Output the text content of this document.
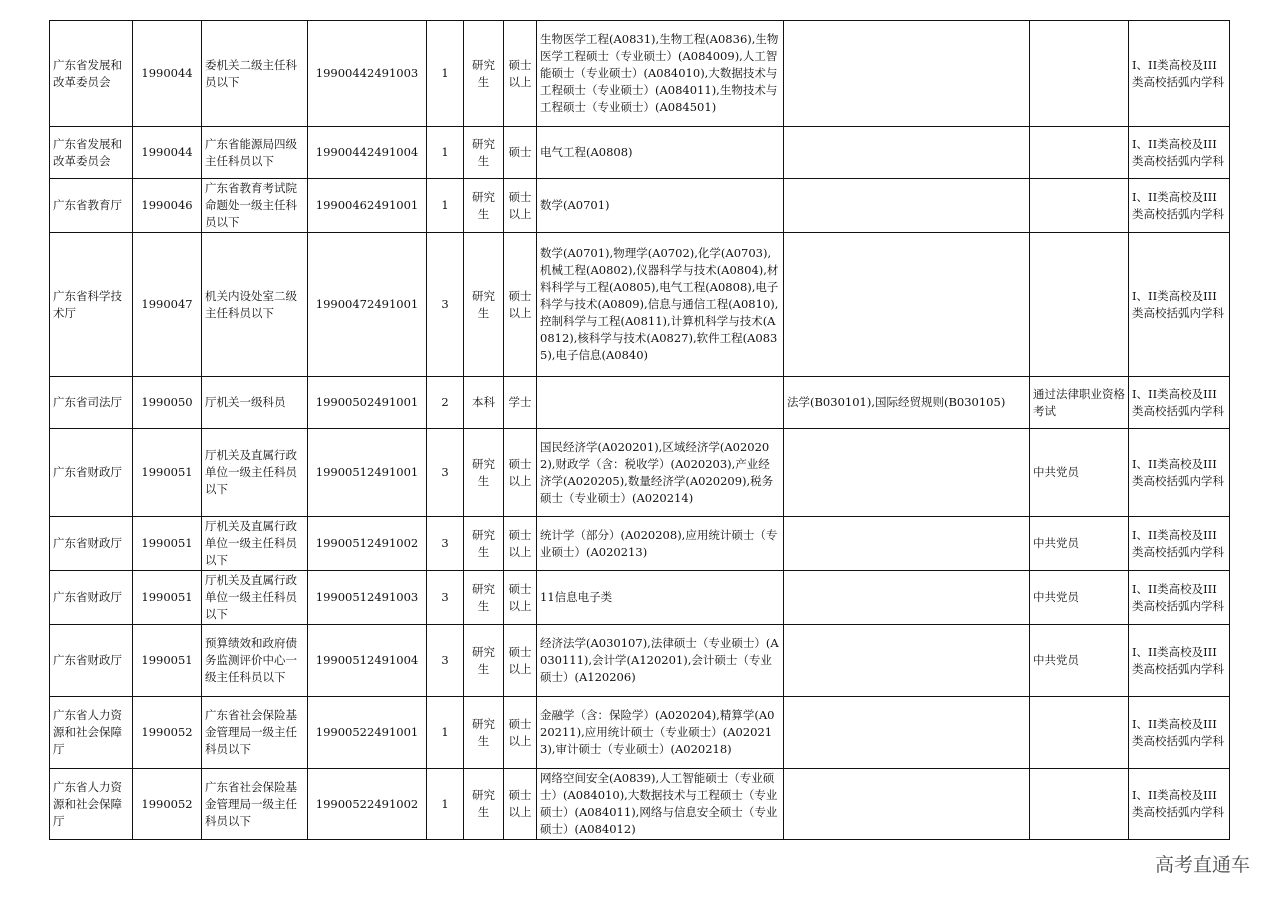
广东省发展和改革委员会	1990044	委机关二级主任科员以下	19900442491003	1	研究生	硕士以上	生物医学工程(A0831),生物工程(A0836),生物医学工程硕士（专业硕士）(A084009),人工智能硕士（专业硕士）(A084010),大数据技术与工程硕士（专业硕士）(A084011),生物技术与工程硕士（专业硕士）(A084501)			I、II类高校及III类高校括弧内学科
广东省发展和改革委员会	1990044	广东省能源局四级主任科员以下	19900442491004	1	研究生	硕士	电气工程(A0808)			I、II类高校及III类高校括弧内学科
广东省教育厅	1990046	广东省教育考试院命题处一级主任科员以下	19900462491001	1	研究生	硕士以上	数学(A0701)			I、II类高校及III类高校括弧内学科
广东省科学技术厅	1990047	机关内设处室二级主任科员以下	19900472491001	3	研究生	硕士以上	数学(A0701),物理学(A0702),化学(A0703),机械工程(A0802),仪器科学与技术(A0804),材料科学与工程(A0805),电气工程(A0808),电子科学与技术(A0809),信息与通信工程(A0810),控制科学与工程(A0811),计算机科学与技术(A0812),核科学与技术(A0827),软件工程(A0835),电子信息(A0840)			I、II类高校及III类高校括弧内学科
广东省司法厅	1990050	厅机关一级科员	19900502491001	2	本科	学士		法学(B030101),国际经贸规则(B030105)	通过法律职业资格考试	I、II类高校及III类高校括弧内学科
广东省财政厅	1990051	厅机关及直属行政单位一级主任科员以下	19900512491001	3	研究生	硕士以上	国民经济学(A020201),区域经济学(A020202),财政学（含：税收学）(A020203),产业经济学(A020205),数量经济学(A020209),税务硕士（专业硕士）(A020214)		中共党员	I、II类高校及III类高校括弧内学科
广东省财政厅	1990051	厅机关及直属行政单位一级主任科员以下	19900512491002	3	研究生	硕士以上	统计学（部分）(A020208),应用统计硕士（专业硕士）(A020213)		中共党员	I、II类高校及III类高校括弧内学科
广东省财政厅	1990051	厅机关及直属行政单位一级主任科员以下	19900512491003	3	研究生	硕士以上	11信息电子类		中共党员	I、II类高校及III类高校括弧内学科
广东省财政厅	1990051	预算绩效和政府债务监测评价中心一级主任科员以下	19900512491004	3	研究生	硕士以上	经济法学(A030107),法律硕士（专业硕士）(A030111),会计学(A120201),会计硕士（专业硕士）(A120206)		中共党员	I、II类高校及III类高校括弧内学科
广东省人力资源和社会保障厅	1990052	广东省社会保险基金管理局一级主任科员以下	19900522491001	1	研究生	硕士以上	金融学（含：保险学）(A020204),精算学(A020211),应用统计硕士（专业硕士）(A020213),审计硕士（专业硕士）(A020218)			I、II类高校及III类高校括弧内学科
广东省人力资源和社会保障厅	1990052	广东省社会保险基金管理局一级主任科员以下	19900522491002	1	研究生	硕士以上	网络空间安全(A0839),人工智能硕士（专业硕士）(A084010),大数据技术与工程硕士（专业硕士）(A084011),网络与信息安全硕士（专业硕士）(A084012)			I、II类高校及III类高校括弧内学科
高考直通车
